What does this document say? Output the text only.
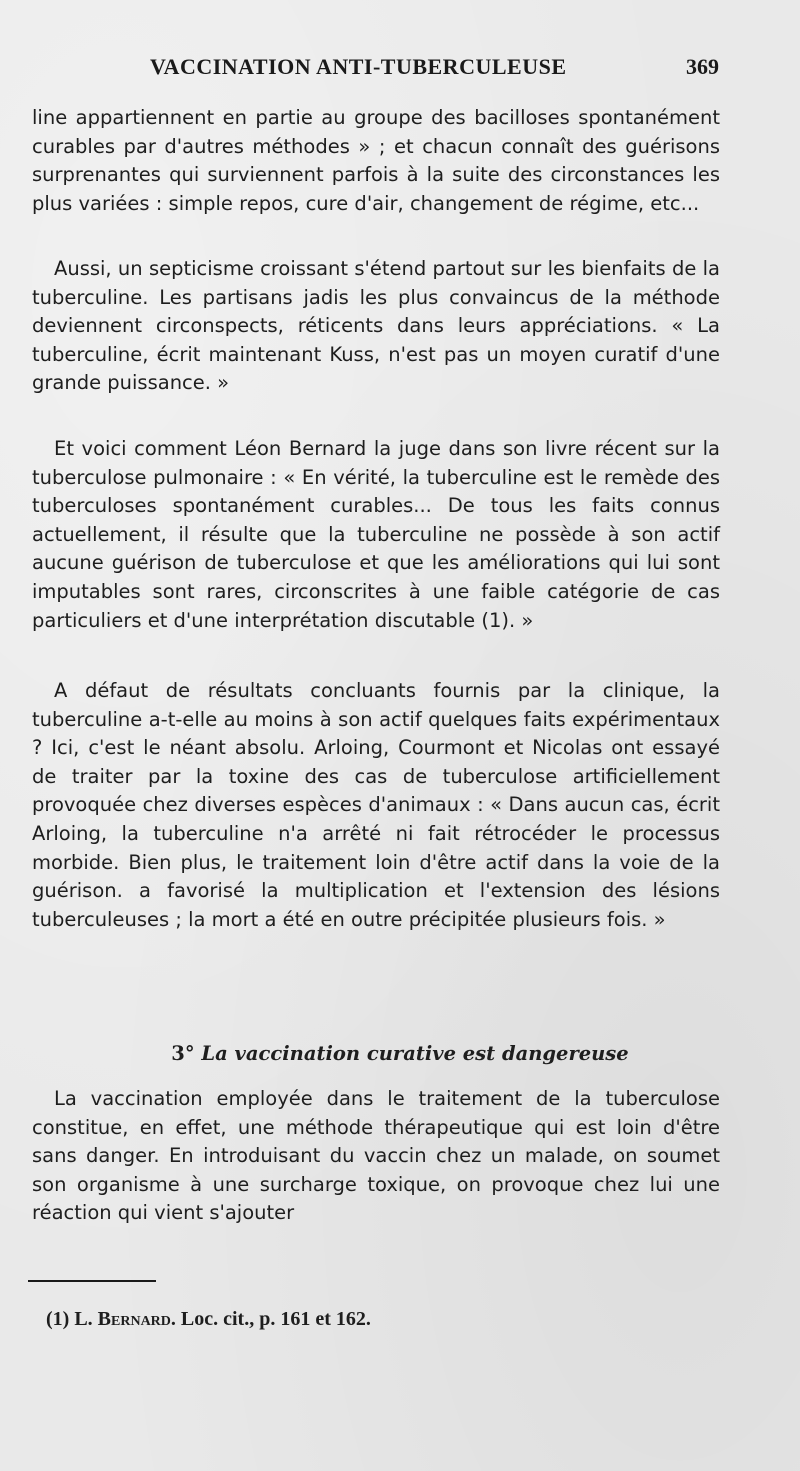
VACCINATION ANTI-TUBERCULEUSE	369

line appartiennent en partie au groupe des bacilloses spontanément curables par d'autres méthodes » ; et chacun connaît des guérisons surprenantes qui surviennent parfois à la suite des circonstances les plus variées : simple repos, cure d'air, changement de régime, etc...

Aussi, un septicisme croissant s'étend partout sur les bienfaits de la tuberculine. Les partisans jadis les plus convaincus de la méthode deviennent circonspects, réticents dans leurs appréciations. « La tuberculine, écrit maintenant Kuss, n'est pas un moyen curatif d'une grande puissance. »

Et voici comment Léon Bernard la juge dans son livre récent sur la tuberculose pulmonaire : « En vérité, la tuberculine est le remède des tuberculoses spontanément curables... De tous les faits connus actuellement, il résulte que la tuberculine ne possède à son actif aucune guérison de tuberculose et que les améliorations qui lui sont imputables sont rares, circonscrites à une faible catégorie de cas particuliers et d'une interprétation discutable (1). »

A défaut de résultats concluants fournis par la clinique, la tuberculine a-t-elle au moins à son actif quelques faits expérimentaux ? Ici, c'est le néant absolu. Arloing, Courmont et Nicolas ont essayé de traiter par la toxine des cas de tuberculose artificiellement provoquée chez diverses espèces d'animaux : « Dans aucun cas, écrit Arloing, la tuberculine n'a arrêté ni fait rétrocéder le processus morbide. Bien plus, le traitement loin d'être actif dans la voie de la guérison. a favorisé la multiplication et l'extension des lésions tuberculeuses ; la mort a été en outre précipitée plusieurs fois. »

3° La vaccination curative est dangereuse

La vaccination employée dans le traitement de la tuberculose constitue, en effet, une méthode thérapeutique qui est loin d'être sans danger. En introduisant du vaccin chez un malade, on soumet son organisme à une surcharge toxique, on provoque chez lui une réaction qui vient s'ajouter

(1) L. Bernard. Loc. cit., p. 161 et 162.
